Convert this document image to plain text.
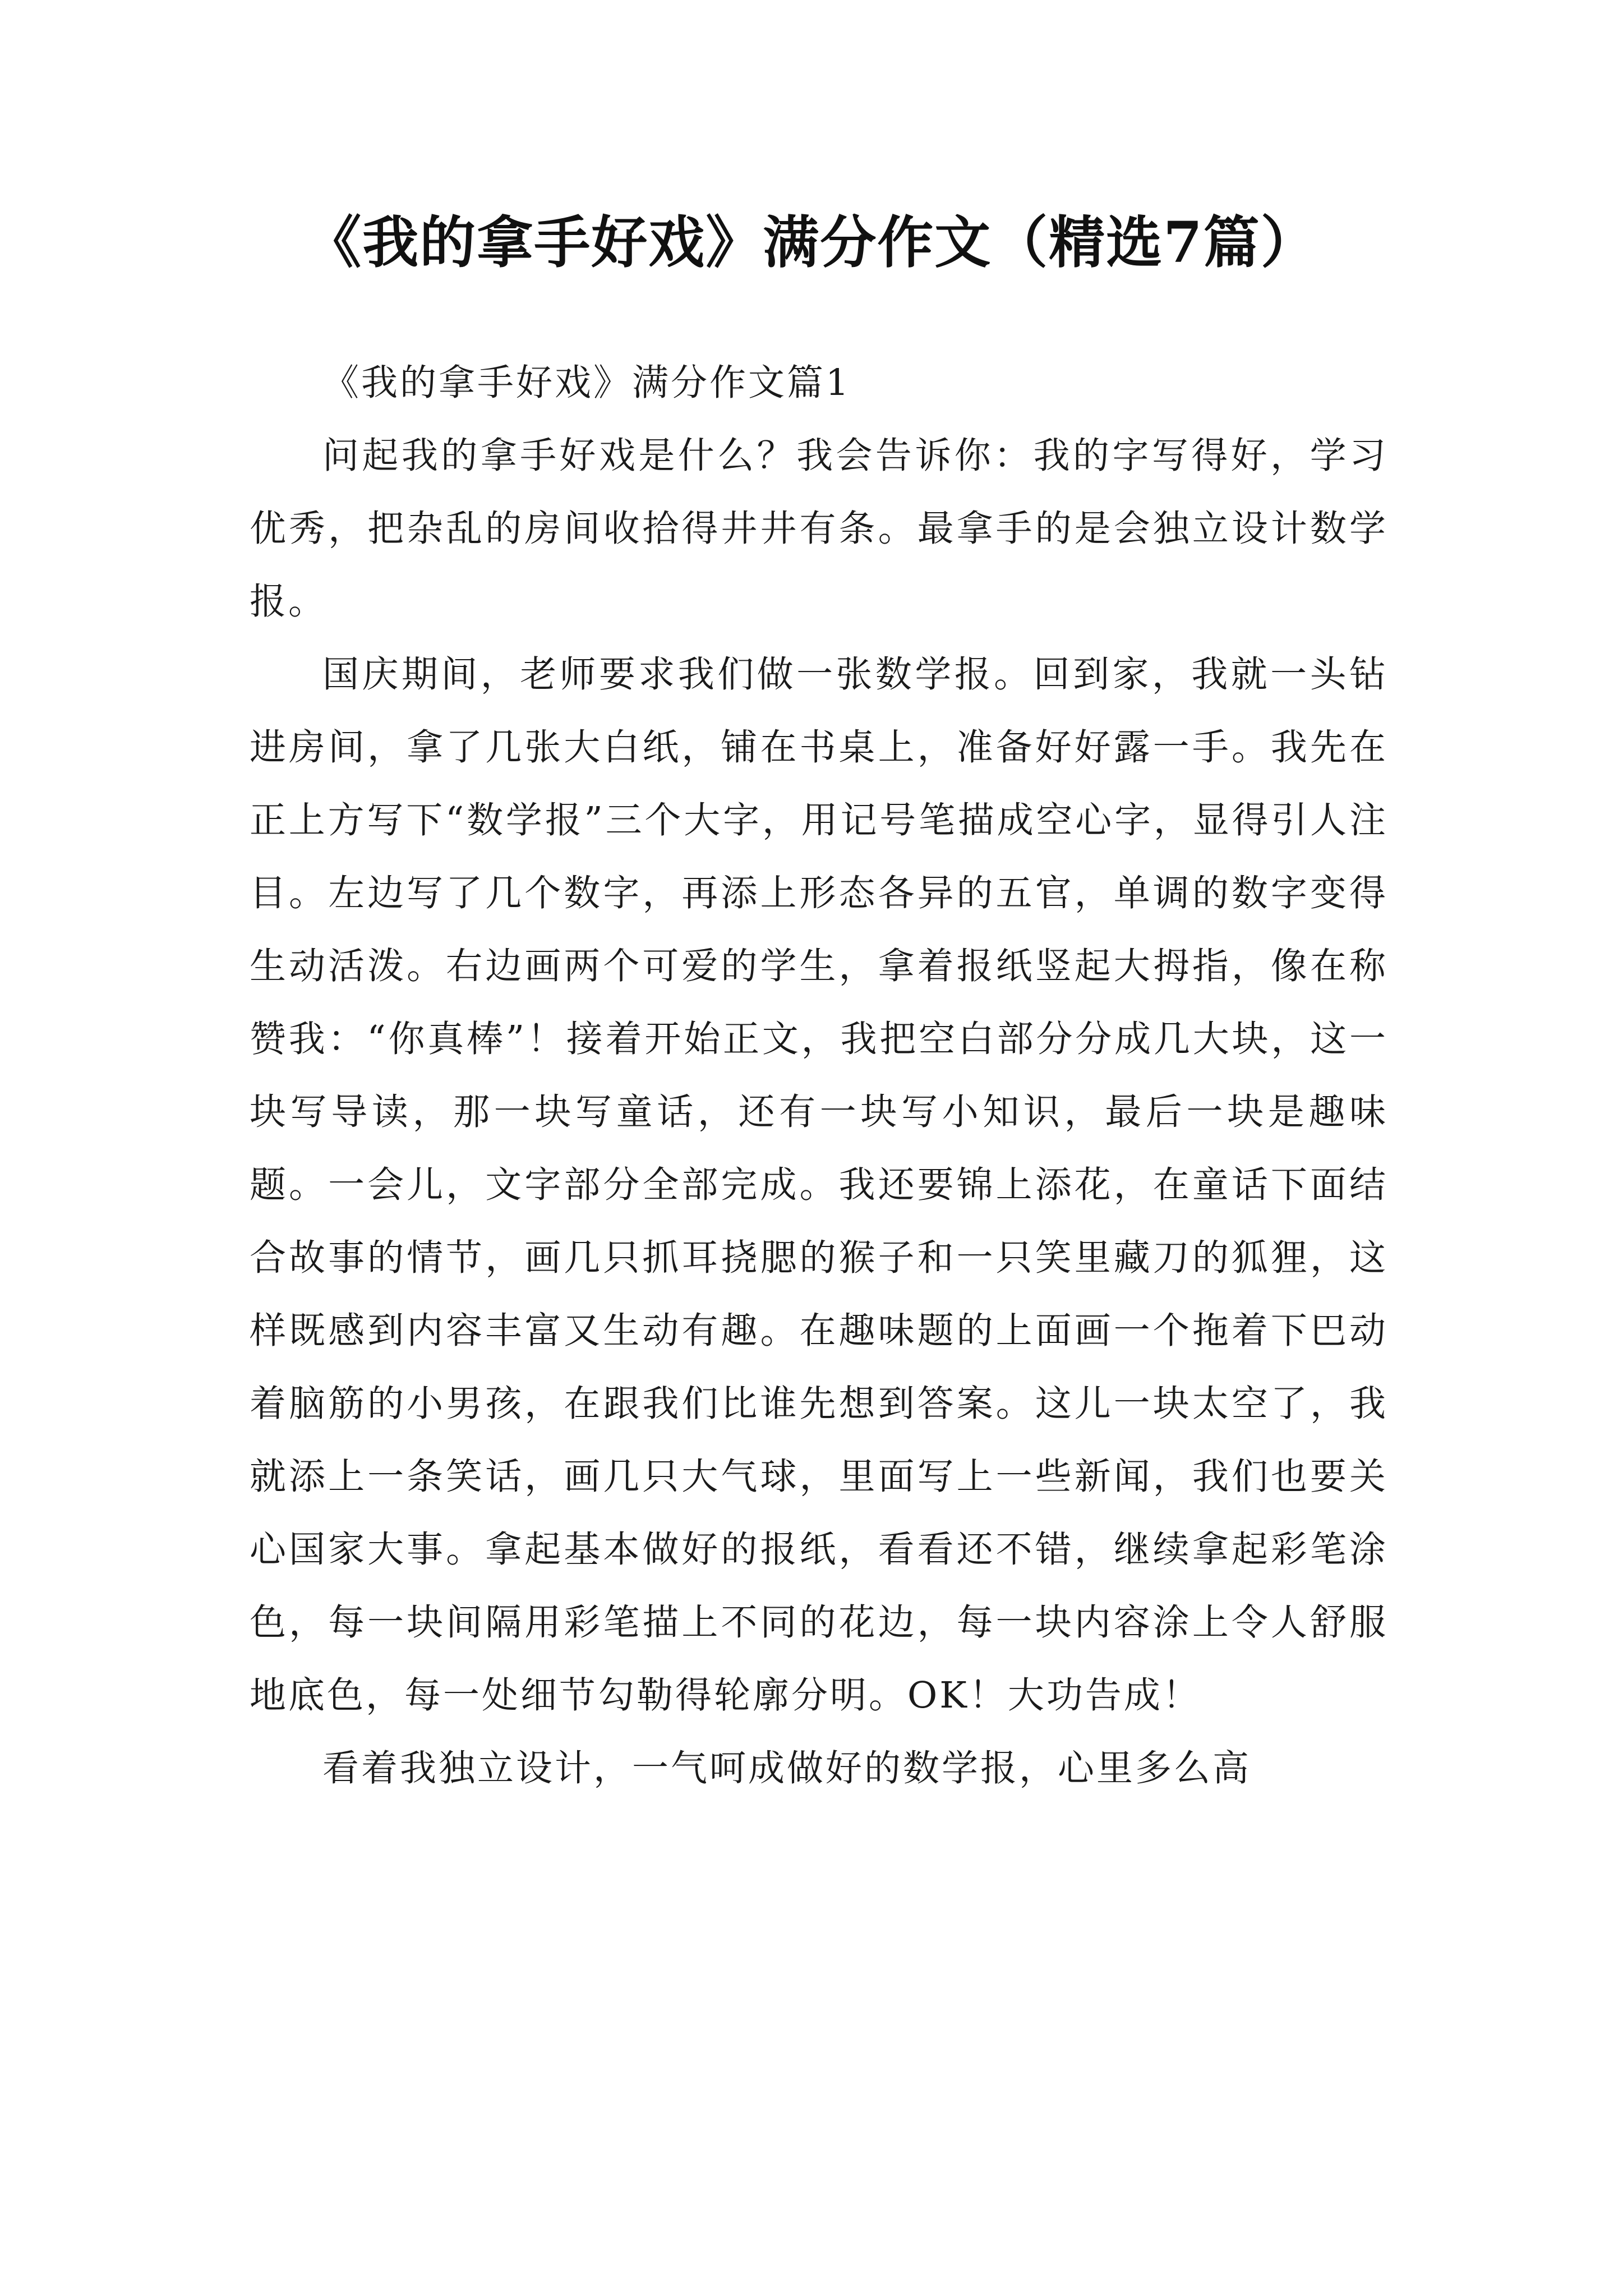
《我的拿手好戏》满分作文（精选7篇）

《我的拿手好戏》满分作文篇1

问起我的拿手好戏是什么？我会告诉你：我的字写得好，学习优秀，把杂乱的房间收拾得井井有条。最拿手的是会独立设计数学报。

国庆期间，老师要求我们做一张数学报。回到家，我就一头钻进房间，拿了几张大白纸，铺在书桌上，准备好好露一手。我先在正上方写下“数学报”三个大字，用记号笔描成空心字，显得引人注目。左边写了几个数字，再添上形态各异的五官，单调的数字变得生动活泼。右边画两个可爱的学生，拿着报纸竖起大拇指，像在称赞我：“你真棒”！接着开始正文，我把空白部分分成几大块，这一块写导读，那一块写童话，还有一块写小知识，最后一块是趣味题。一会儿，文字部分全部完成。我还要锦上添花，在童话下面结合故事的情节，画几只抓耳挠腮的猴子和一只笑里藏刀的狐狸，这样既感到内容丰富又生动有趣。在趣味题的上面画一个拖着下巴动着脑筋的小男孩，在跟我们比谁先想到答案。这儿一块太空了，我就添上一条笑话，画几只大气球，里面写上一些新闻，我们也要关心国家大事。拿起基本做好的报纸，看看还不错，继续拿起彩笔涂色，每一块间隔用彩笔描上不同的花边，每一块内容涂上令人舒服地底色，每一处细节勾勒得轮廓分明。OK！大功告成！

看着我独立设计，一气呵成做好的数学报，心里多么高
